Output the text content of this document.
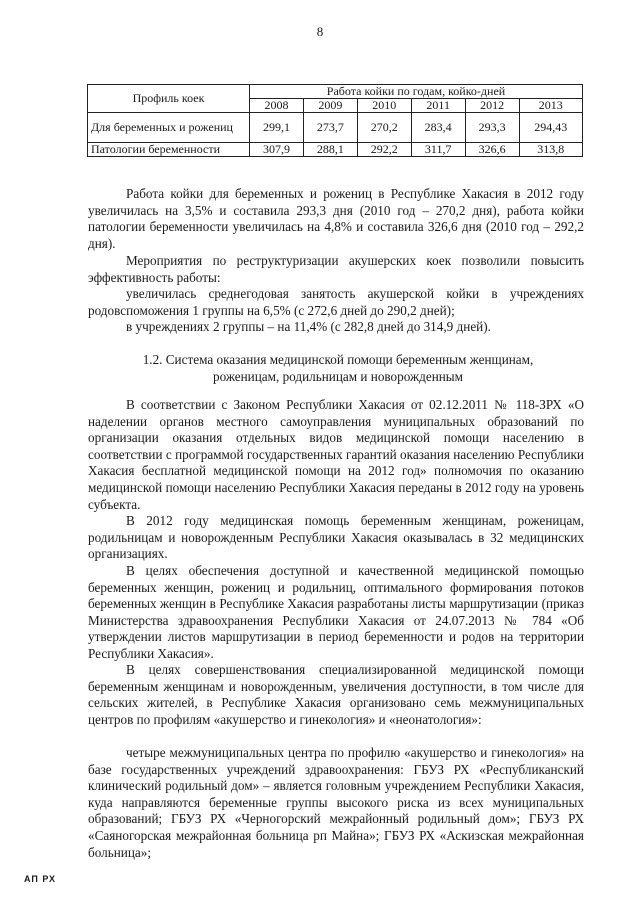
8
Профиль коек	Работа койки по годам, койко-дней					
	2008	2009	2010	2011	2012	2013
Для беременных и рожениц	299,1	273,7	270,2	283,4	293,3	294,43
Патологии беременности	307,9	288,1	292,2	311,7	326,6	313,8

Работа койки для беременных и рожениц в Республике Хакасия в 2012 году увеличилась на 3,5% и составила 293,3 дня (2010 год – 270,2 дня), работа койки патологии беременности увеличилась на 4,8% и составила 326,6 дня (2010 год – 292,2 дня).

Мероприятия по реструктуризации акушерских коек позволили повысить эффективность работы:

увеличилась среднегодовая занятость акушерской койки в учреждениях родовспоможения 1 группы на 6,5% (с 272,6 дней до 290,2 дней);

в учреждениях 2 группы – на 11,4% (с 282,8 дней до 314,9 дней).

1.2. Система оказания медицинской помощи беременным женщинам, роженицам, родильницам и новорожденным

В соответствии с Законом Республики Хакасия от 02.12.2011 № 118-ЗРХ «О наделении органов местного самоуправления муниципальных образований по организации оказания отдельных видов медицинской помощи населению в соответствии с программой государственных гарантий оказания населению Республики Хакасия бесплатной медицинской помощи на 2012 год» полномочия по оказанию медицинской помощи населению Республики Хакасия переданы в 2012 году на уровень субъекта.

В 2012 году медицинская помощь беременным женщинам, роженицам, родильницам и новорожденным Республики Хакасия оказывалась в 32 медицинских организациях.

В целях обеспечения доступной и качественной медицинской помощью беременных женщин, рожениц и родильниц, оптимального формирования потоков беременных женщин в Республике Хакасия разработаны листы маршрутизации (приказ Министерства здравоохранения Республики Хакасия от 24.07.2013 № 784 «Об утверждении листов маршрутизации в период беременности и родов на территории Республики Хакасия».

В целях совершенствования специализированной медицинской помощи беременным женщинам и новорожденным, увеличения доступности, в том числе для сельских жителей, в Республике Хакасия организовано семь межмуниципальных центров по профилям «акушерство и гинекология» и «неонатология»:

четыре межмуниципальных центра по профилю «акушерство и гинекология» на базе государственных учреждений здравоохранения: ГБУЗ РХ «Республиканский клинический родильный дом» – является головным учреждением Республики Хакасия, куда направляются беременные группы высокого риска из всех муниципальных образований; ГБУЗ РХ «Черногорский межрайонный родильный дом»; ГБУЗ РХ «Саяногорская межрайонная больница рп Майна»; ГБУЗ РХ «Аскизская межрайонная больница»;

АП РХ
